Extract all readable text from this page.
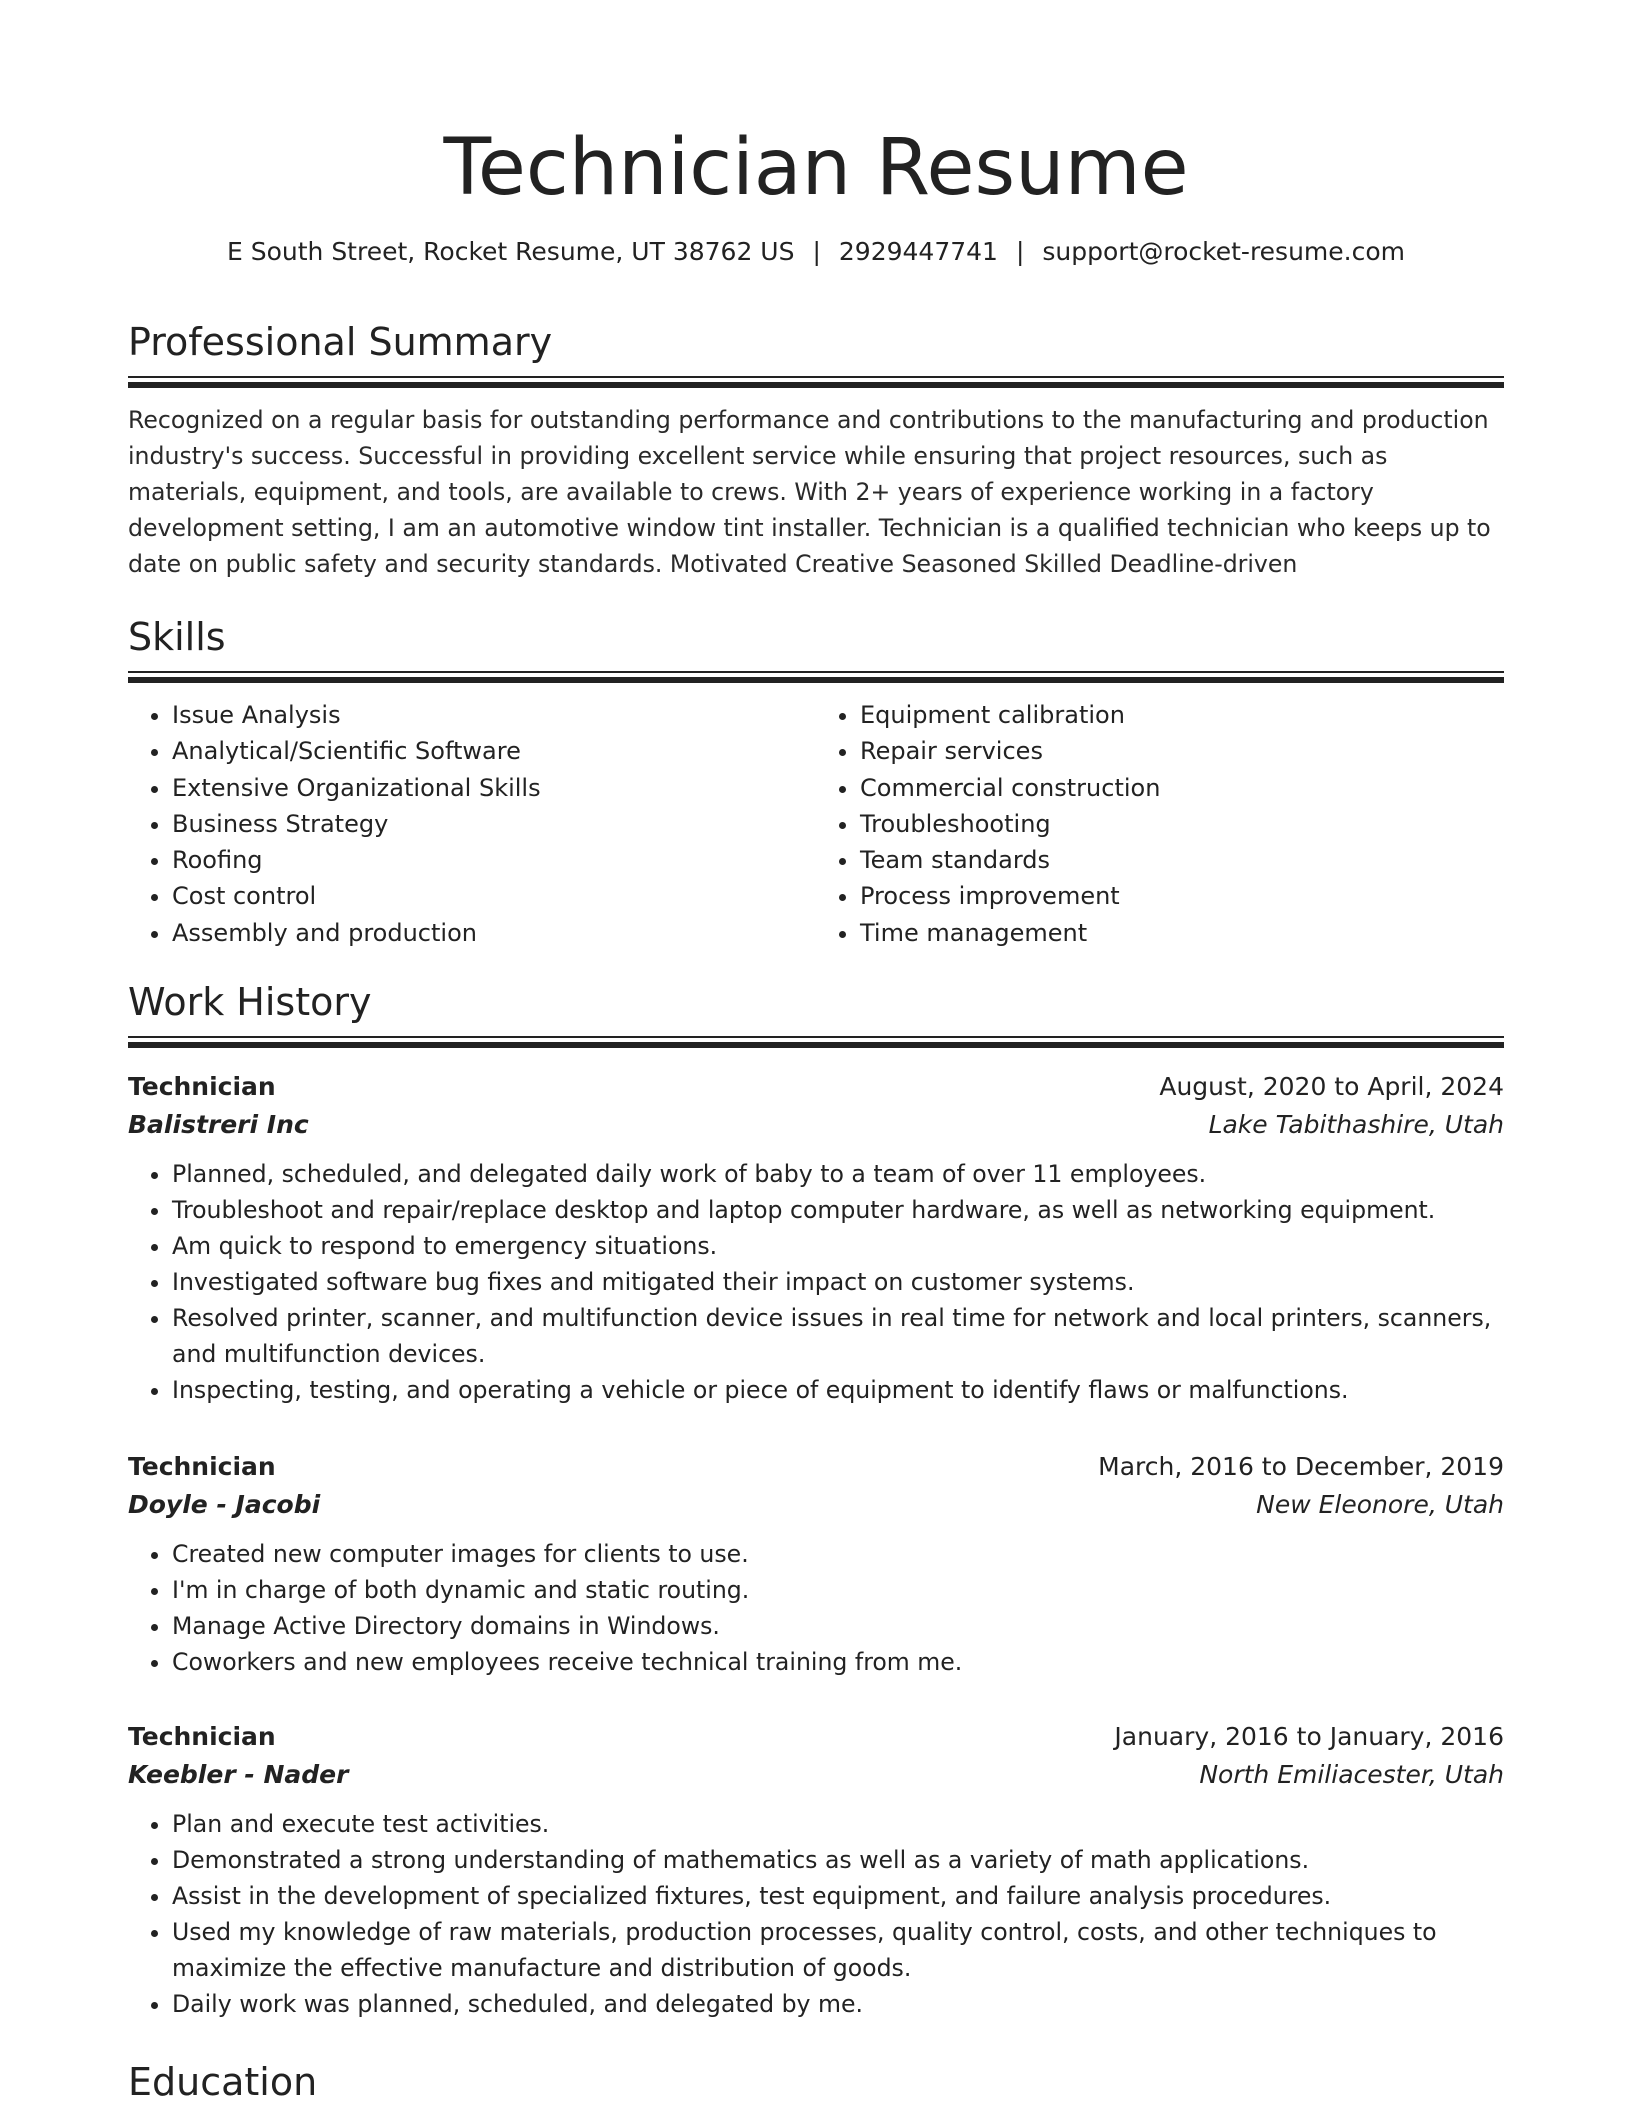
Technician Resume
E South Street, Rocket Resume, UT 38762 US | 2929447741 | support@rocket-resume.com
Professional Summary

Recognized on a regular basis for outstanding performance and contributions to the manufacturing and production industry's success. Successful in providing excellent service while ensuring that project resources, such as materials, equipment, and tools, are available to crews. With 2+ years of experience working in a factory development setting, I am an automotive window tint installer. Technician is a qualified technician who keeps up to date on public safety and security standards. Motivated Creative Seasoned Skilled Deadline-driven

Skills
• Issue Analysis
• Analytical/Scientific Software
• Extensive Organizational Skills
• Business Strategy
• Roofing
• Cost control
• Assembly and production
• Equipment calibration
• Repair services
• Commercial construction
• Troubleshooting
• Team standards
• Process improvement
• Time management
Work History
Technician	August, 2020 to April, 2024
Balistreri Inc	Lake Tabithashire, Utah
• Planned, scheduled, and delegated daily work of baby to a team of over 11 employees.
• Troubleshoot and repair/replace desktop and laptop computer hardware, as well as networking equipment.
• Am quick to respond to emergency situations.
• Investigated software bug fixes and mitigated their impact on customer systems.
• Resolved printer, scanner, and multifunction device issues in real time for network and local printers, scanners, and multifunction devices.
• Inspecting, testing, and operating a vehicle or piece of equipment to identify flaws or malfunctions.
Technician	March, 2016 to December, 2019
Doyle - Jacobi	New Eleonore, Utah
• Created new computer images for clients to use.
• I'm in charge of both dynamic and static routing.
• Manage Active Directory domains in Windows.
• Coworkers and new employees receive technical training from me.
Technician	January, 2016 to January, 2016
Keebler - Nader	North Emiliacester, Utah
• Plan and execute test activities.
• Demonstrated a strong understanding of mathematics as well as a variety of math applications.
• Assist in the development of specialized fixtures, test equipment, and failure analysis procedures.
• Used my knowledge of raw materials, production processes, quality control, costs, and other techniques to maximize the effective manufacture and distribution of goods.
• Daily work was planned, scheduled, and delegated by me.
Education
